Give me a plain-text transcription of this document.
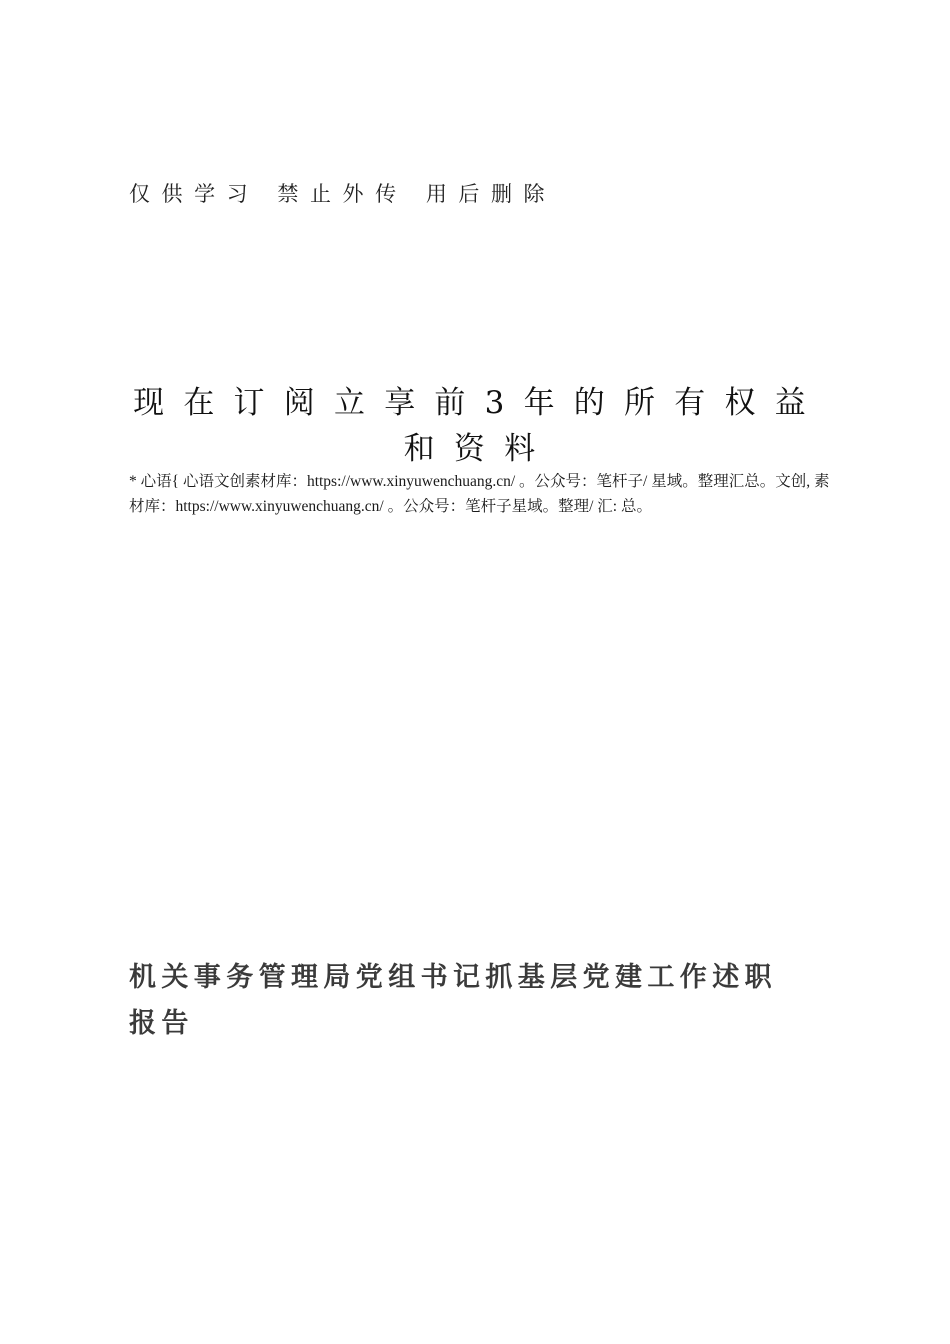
仅供学习 禁止外传 用后删除
现在订阅立享前3年的所有权益
和资料
* 心语{ 心语文创素材库：https://www.xinyuwenchuang.cn/ 。公众号：笔杆子/ 星域。整理汇总。文创, 素材库：https://www.xinyuwenchuang.cn/ 。公众号：笔杆子星域。整理/ 汇: 总。
机关事务管理局党组书记抓基层党建工作述职
报告
